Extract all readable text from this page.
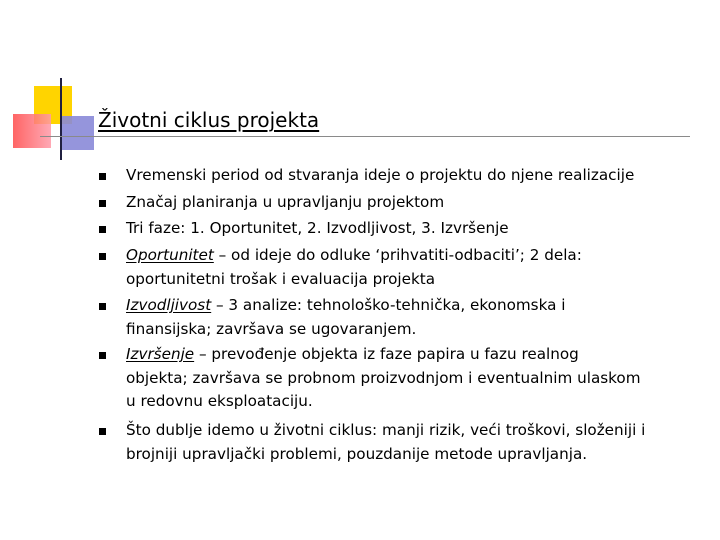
Životni ciklus projekta
Vremenski period od stvaranja ideje o projektu do njene realizacije
Značaj planiranja u upravljanju projektom
Tri faze: 1. Oportunitet, 2. Izvodljivost, 3. Izvršenje
Oportunitet – od ideje do odluke ‘prihvatiti-odbaciti’; 2 dela:
oportunitetni trošak i evaluacija projekta
Izvodljivost – 3 analize: tehnološko-tehnička, ekonomska i
finansijska; završava se ugovaranjem.
Izvršenje – prevođenje objekta iz faze papira u fazu realnog
objekta; završava se probnom proizvodnjom i eventualnim ulaskom
u redovnu eksploataciju.
Što dublje idemo u životni ciklus: manji rizik, veći troškovi, složeniji i
brojniji upravljački problemi, pouzdanije metode upravljanja.
